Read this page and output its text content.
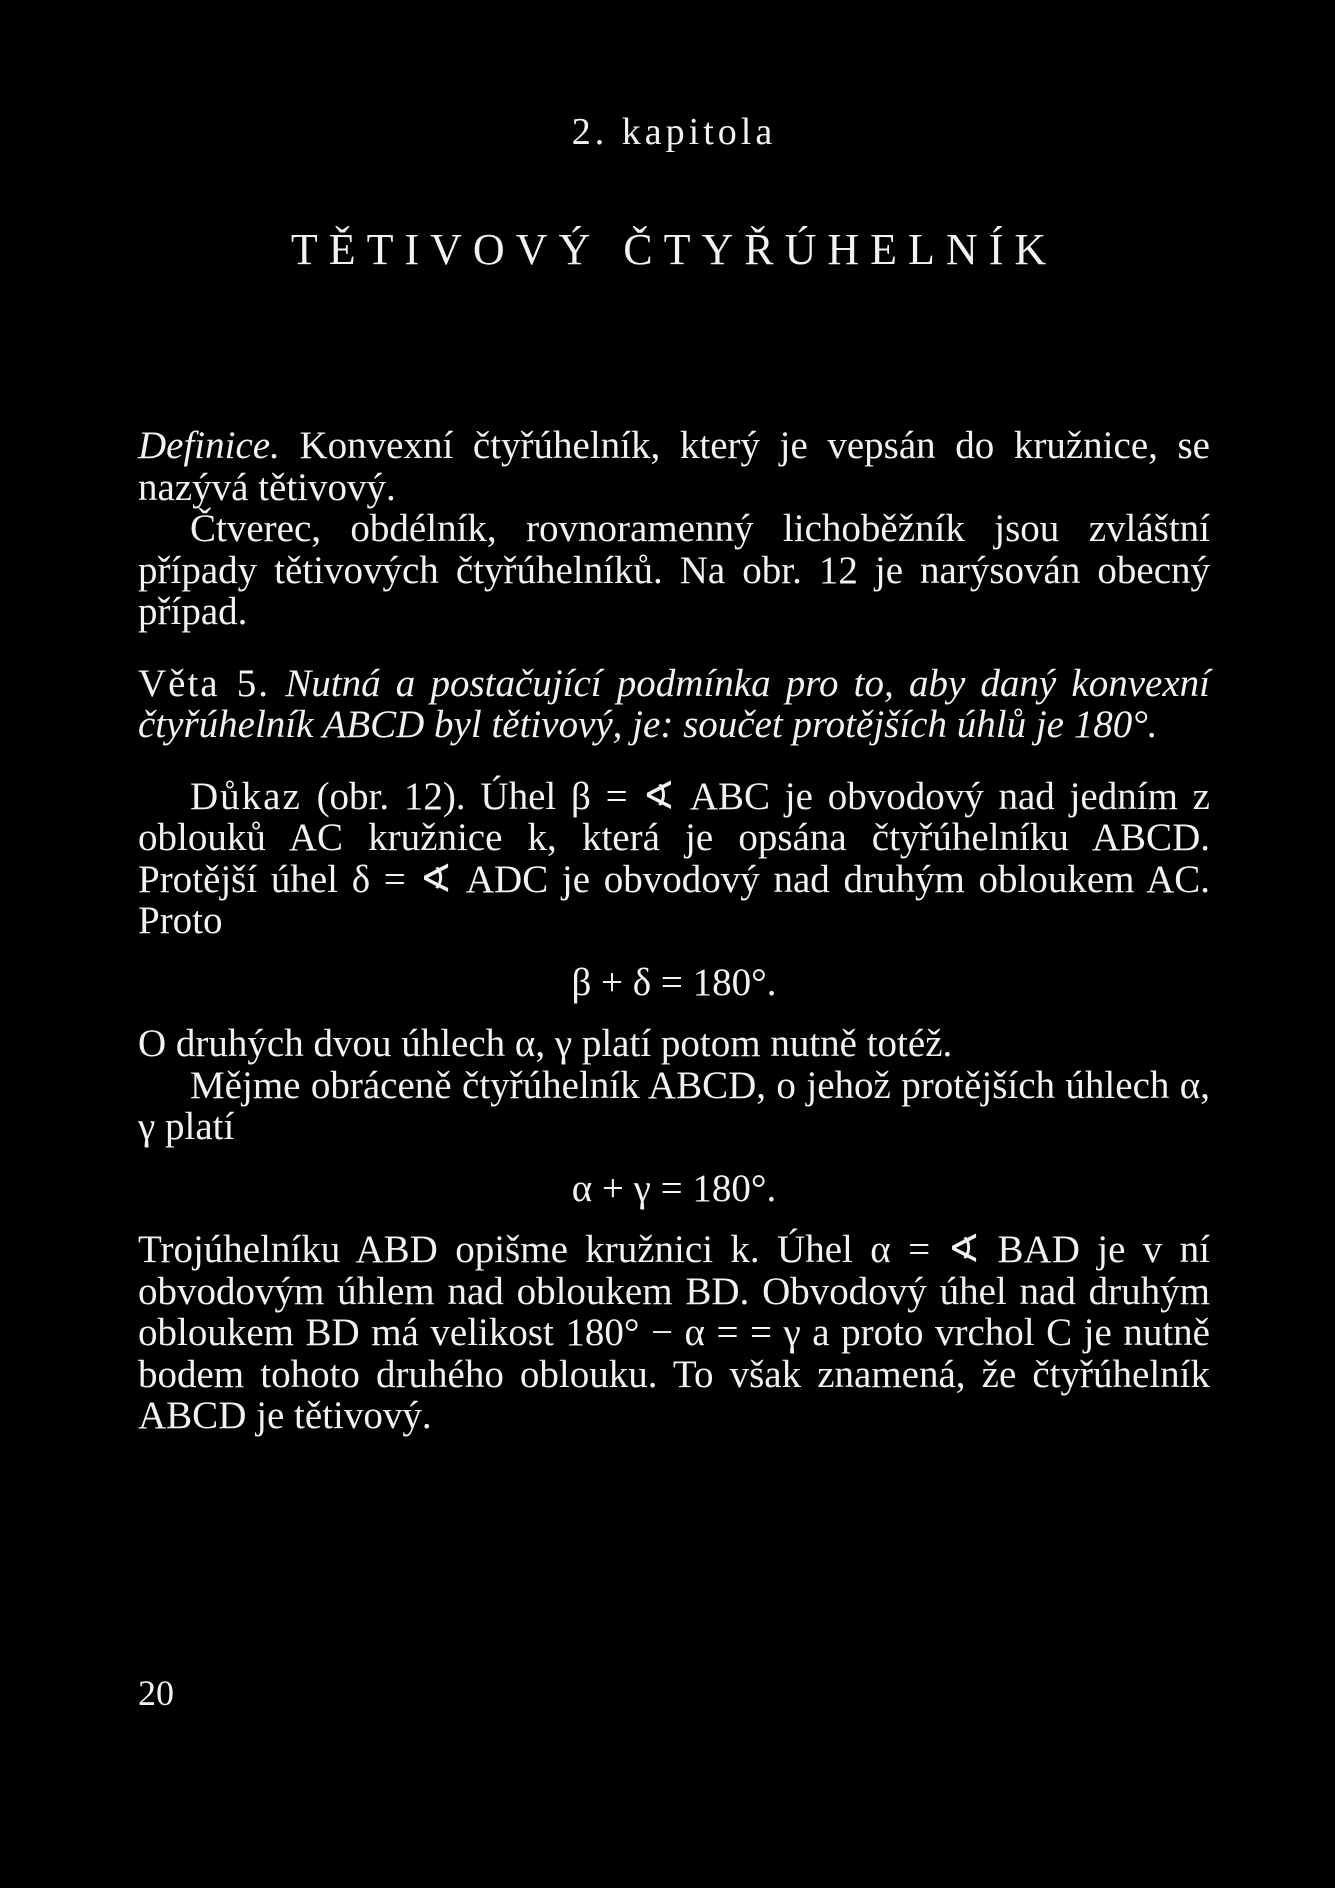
2. kapitola
TĚTIVOVÝ ČTYŘÚHELNÍK

Definice. Konvexní čtyřúhelník, který je vepsán do kružnice, se nazývá tětivový.

Čtverec, obdélník, rovnoramenný lichoběžník jsou zvláštní případy tětivových čtyřúhelníků. Na obr. 12 je narýsován obecný případ.

Věta 5. Nutná a postačující podmínka pro to, aby daný konvexní čtyřúhelník ABCD byl tětivový, je: součet protějších úhlů je 180°.

Důkaz (obr. 12). Úhel β = ∢ ABC je obvodový nad jedním z oblouků AC kružnice k, která je opsána čtyřúhelníku ABCD. Protější úhel δ = ∢ ADC je obvodový nad druhým obloukem AC. Proto

β + δ = 180°.

O druhých dvou úhlech α, γ platí potom nutně totéž.

Mějme obráceně čtyřúhelník ABCD, o jehož protějších úhlech α, γ platí

α + γ = 180°.

Trojúhelníku ABD opišme kružnici k. Úhel α = ∢ BAD je v ní obvodovým úhlem nad obloukem BD. Obvodový úhel nad druhým obloukem BD má velikost 180° − α = = γ a proto vrchol C je nutně bodem tohoto druhého oblouku. To však znamená, že čtyřúhelník ABCD je tětivový.

20
